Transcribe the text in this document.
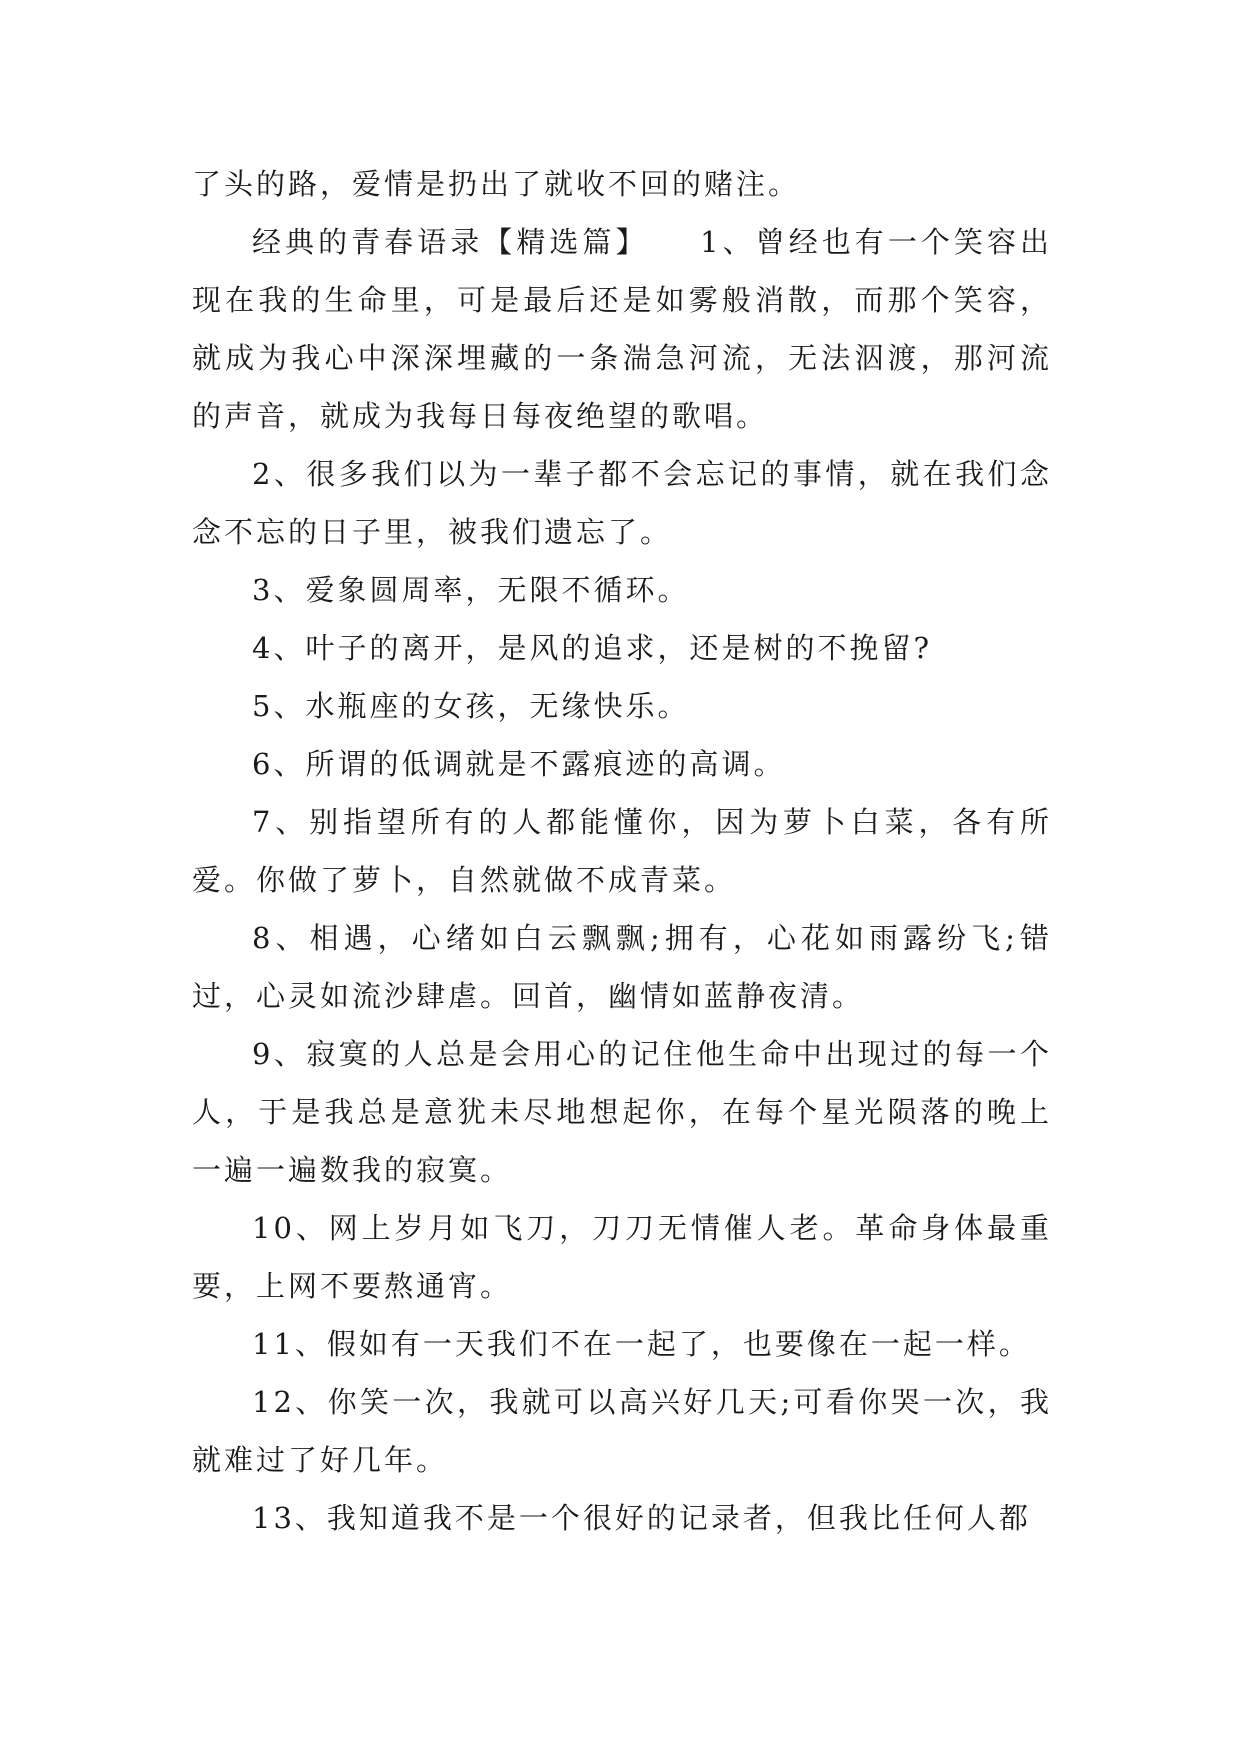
了头的路，爱情是扔出了就收不回的赌注。

经典的青春语录【精选篇】　　1、曾经也有一个笑容出现在我的生命里，可是最后还是如雾般消散，而那个笑容，就成为我心中深深埋藏的一条湍急河流，无法泅渡，那河流的声音，就成为我每日每夜绝望的歌唱。

2、很多我们以为一辈子都不会忘记的事情，就在我们念念不忘的日子里，被我们遗忘了。

3、爱象圆周率，无限不循环。

4、叶子的离开，是风的追求，还是树的不挽留?

5、水瓶座的女孩，无缘快乐。

6、所谓的低调就是不露痕迹的高调。

7、别指望所有的人都能懂你，因为萝卜白菜，各有所爱。你做了萝卜，自然就做不成青菜。

8、相遇，心绪如白云飘飘;拥有，心花如雨露纷飞;错过，心灵如流沙肆虐。回首，幽情如蓝静夜清。

9、寂寞的人总是会用心的记住他生命中出现过的每一个人，于是我总是意犹未尽地想起你，在每个星光陨落的晚上一遍一遍数我的寂寞。

10、网上岁月如飞刀，刀刀无情催人老。革命身体最重要，上网不要熬通宵。

11、假如有一天我们不在一起了，也要像在一起一样。

12、你笑一次，我就可以高兴好几天;可看你哭一次，我就难过了好几年。

13、我知道我不是一个很好的记录者，但我比任何人都
